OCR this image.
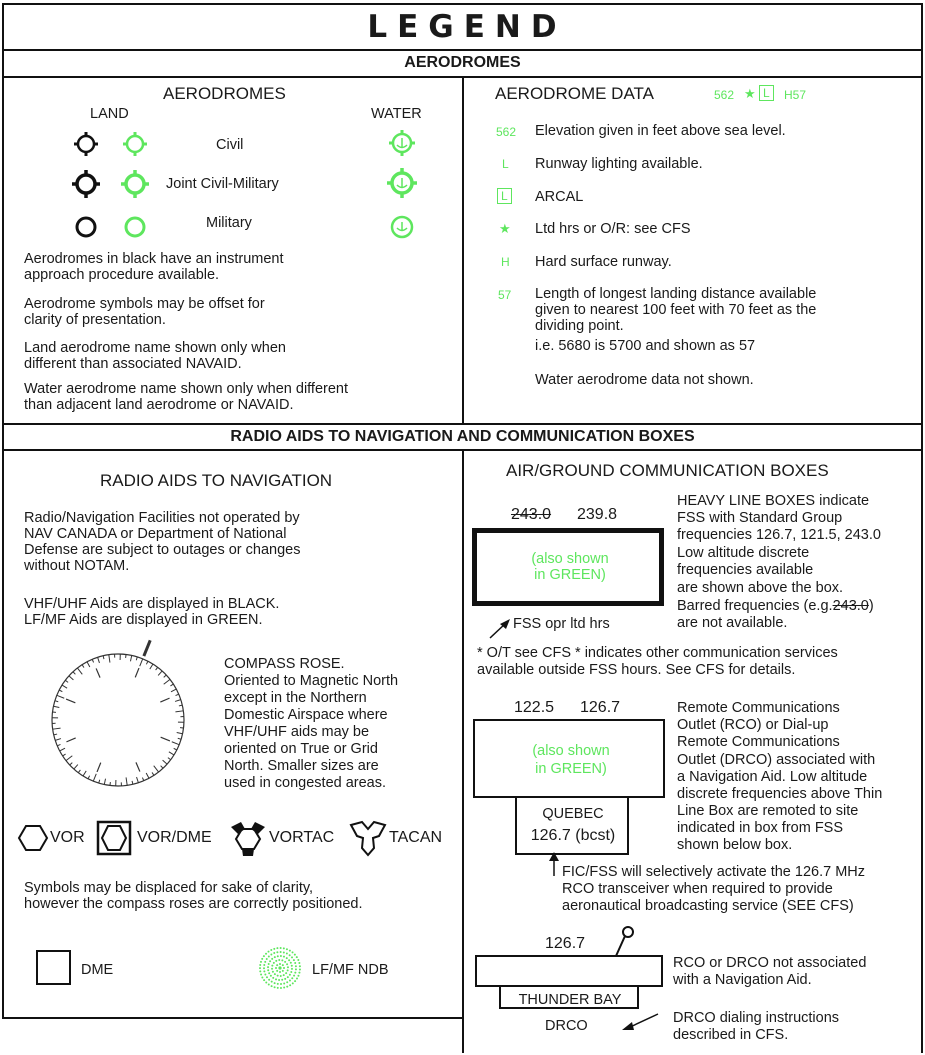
LEGEND
AERODROMES
RADIO AIDS TO NAVIGATION AND COMMUNICATION BOXES
AERODROMES
LAND	WATER
Civil
Joint Civil-Military
Military
Aerodromes in black have an instrument
approach procedure available.
Aerodrome symbols may be offset for
clarity of presentation.
Land aerodrome name shown only when
different than associated NAVAID.
Water aerodrome name shown only when different
than adjacent land aerodrome or NAVAID.
AERODROME DATA	562 ★ L	H57
562 Elevation given in feet above sea level.
L Runway lighting available.
L ARCAL
★ Ltd hrs or O/R: see CFS
H Hard surface runway.
57 Length of longest landing distance available
given to nearest 100 feet with 70 feet as the
dividing point.
i.e. 5680 is 5700 and shown as 57
Water aerodrome data not shown.
RADIO AIDS TO NAVIGATION
Radio/Navigation Facilities not operated by
NAV CANADA or Department of National
Defense are subject to outages or changes
without NOTAM.
VHF/UHF Aids are displayed in BLACK.
LF/MF Aids are displayed in GREEN.
COMPASS ROSE.
Oriented to Magnetic North
except in the Northern
Domestic Airspace where
VHF/UHF aids may be
oriented on True or Grid
North. Smaller sizes are
used in congested areas.
VOR	VOR/DME	VORTAC	TACAN
Symbols may be displaced for sake of clarity,
however the compass roses are correctly positioned.
DME	LF/MF NDB
AIR/GROUND COMMUNICATION BOXES
243.0 239.8
(also shown
in GREEN)
FSS opr ltd hrs
HEAVY LINE BOXES indicate
FSS with Standard Group
frequencies 126.7, 121.5, 243.0
Low altitude discrete
frequencies available
are shown above the box.
Barred frequencies (e.g.243.0)
are not available.
* O/T see CFS * indicates other communication services
available outside FSS hours. See CFS for details.
122.5 126.7
(also shown
in GREEN)
QUEBEC
126.7 (bcst)
Remote Communications
Outlet (RCO) or Dial-up
Remote Communications
Outlet (DRCO) associated with
a Navigation Aid. Low altitude
discrete frequencies above Thin
Line Box are remoted to site
indicated in box from FSS
shown below box.
FIC/FSS will selectively activate the 126.7 MHz
RCO transceiver when required to provide
aeronautical broadcasting service (SEE CFS)
126.7
THUNDER BAY
DRCO
RCO or DRCO not associated
with a Navigation Aid.
DRCO dialing instructions
described in CFS.
